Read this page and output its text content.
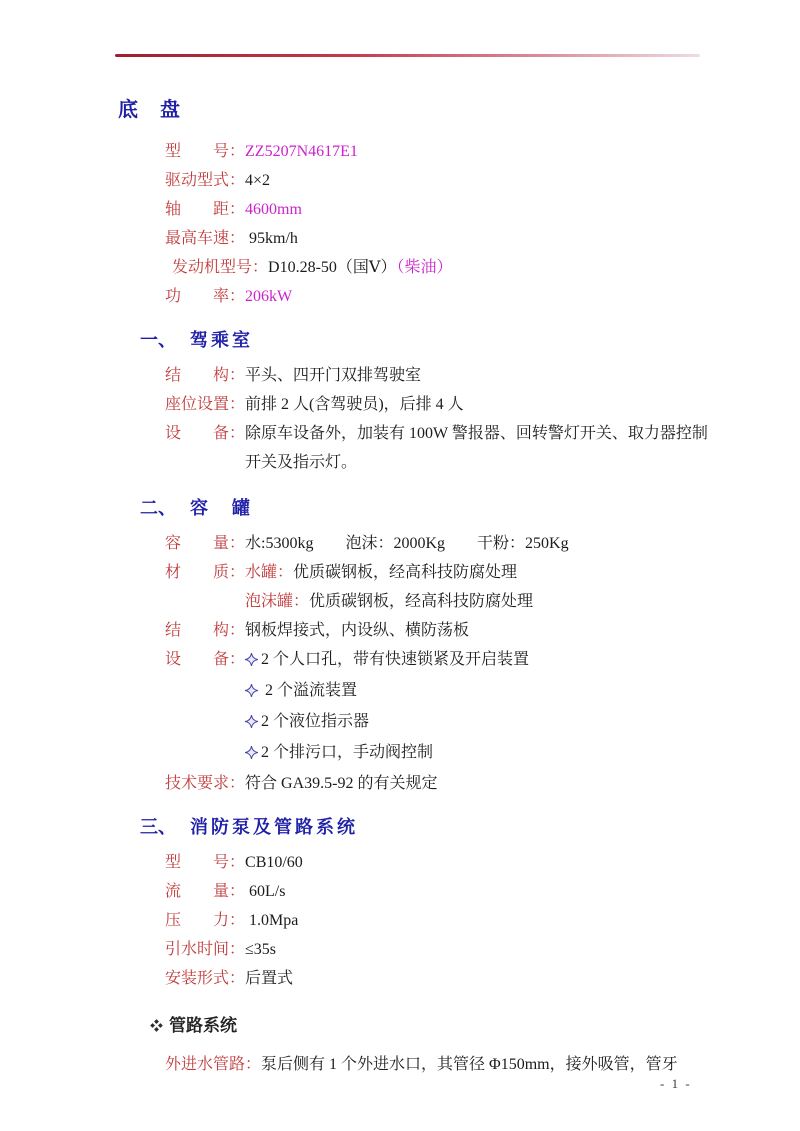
底　盘
型　　号：ZZ5207N4617E1
驱动型式：4×2
轴　　距：4600mm
最高车速： 95km/h
发动机型号：D10.28-50（国Ⅴ）（柴油）
功　　率：206kW
一、 驾乘室
结　　构：平头、四开门双排驾驶室
座位设置：前排 2 人(含驾驶员)，后排 4 人
设　　备：除原车设备外，加装有 100W 警报器、回转警灯开关、取力器控制开关及指示灯。
二、 容　罐
容　　量：水:5300kg　　泡沫：2000Kg　　干粉：250Kg
材　　质：水罐：优质碳钢板，经高科技防腐处理
泡沫罐：优质碳钢板，经高科技防腐处理
结　　构：钢板焊接式，内设纵、横防荡板
设　　备： 2 个人口孔，带有快速锁紧及开启装置
2 个溢流装置
2 个液位指示器
2 个排污口，手动阀控制
技术要求：符合 GA39.5-92 的有关规定
三、 消防泵及管路系统
型　　号：CB10/60
流　　量： 60L/s
压　　力： 1.0Mpa
引水时间：≤35s
安装形式：后置式
管路系统
外进水管路：泵后侧有 1 个外进水口，其管径 Φ150mm，接外吸管，管牙
- 1 -
